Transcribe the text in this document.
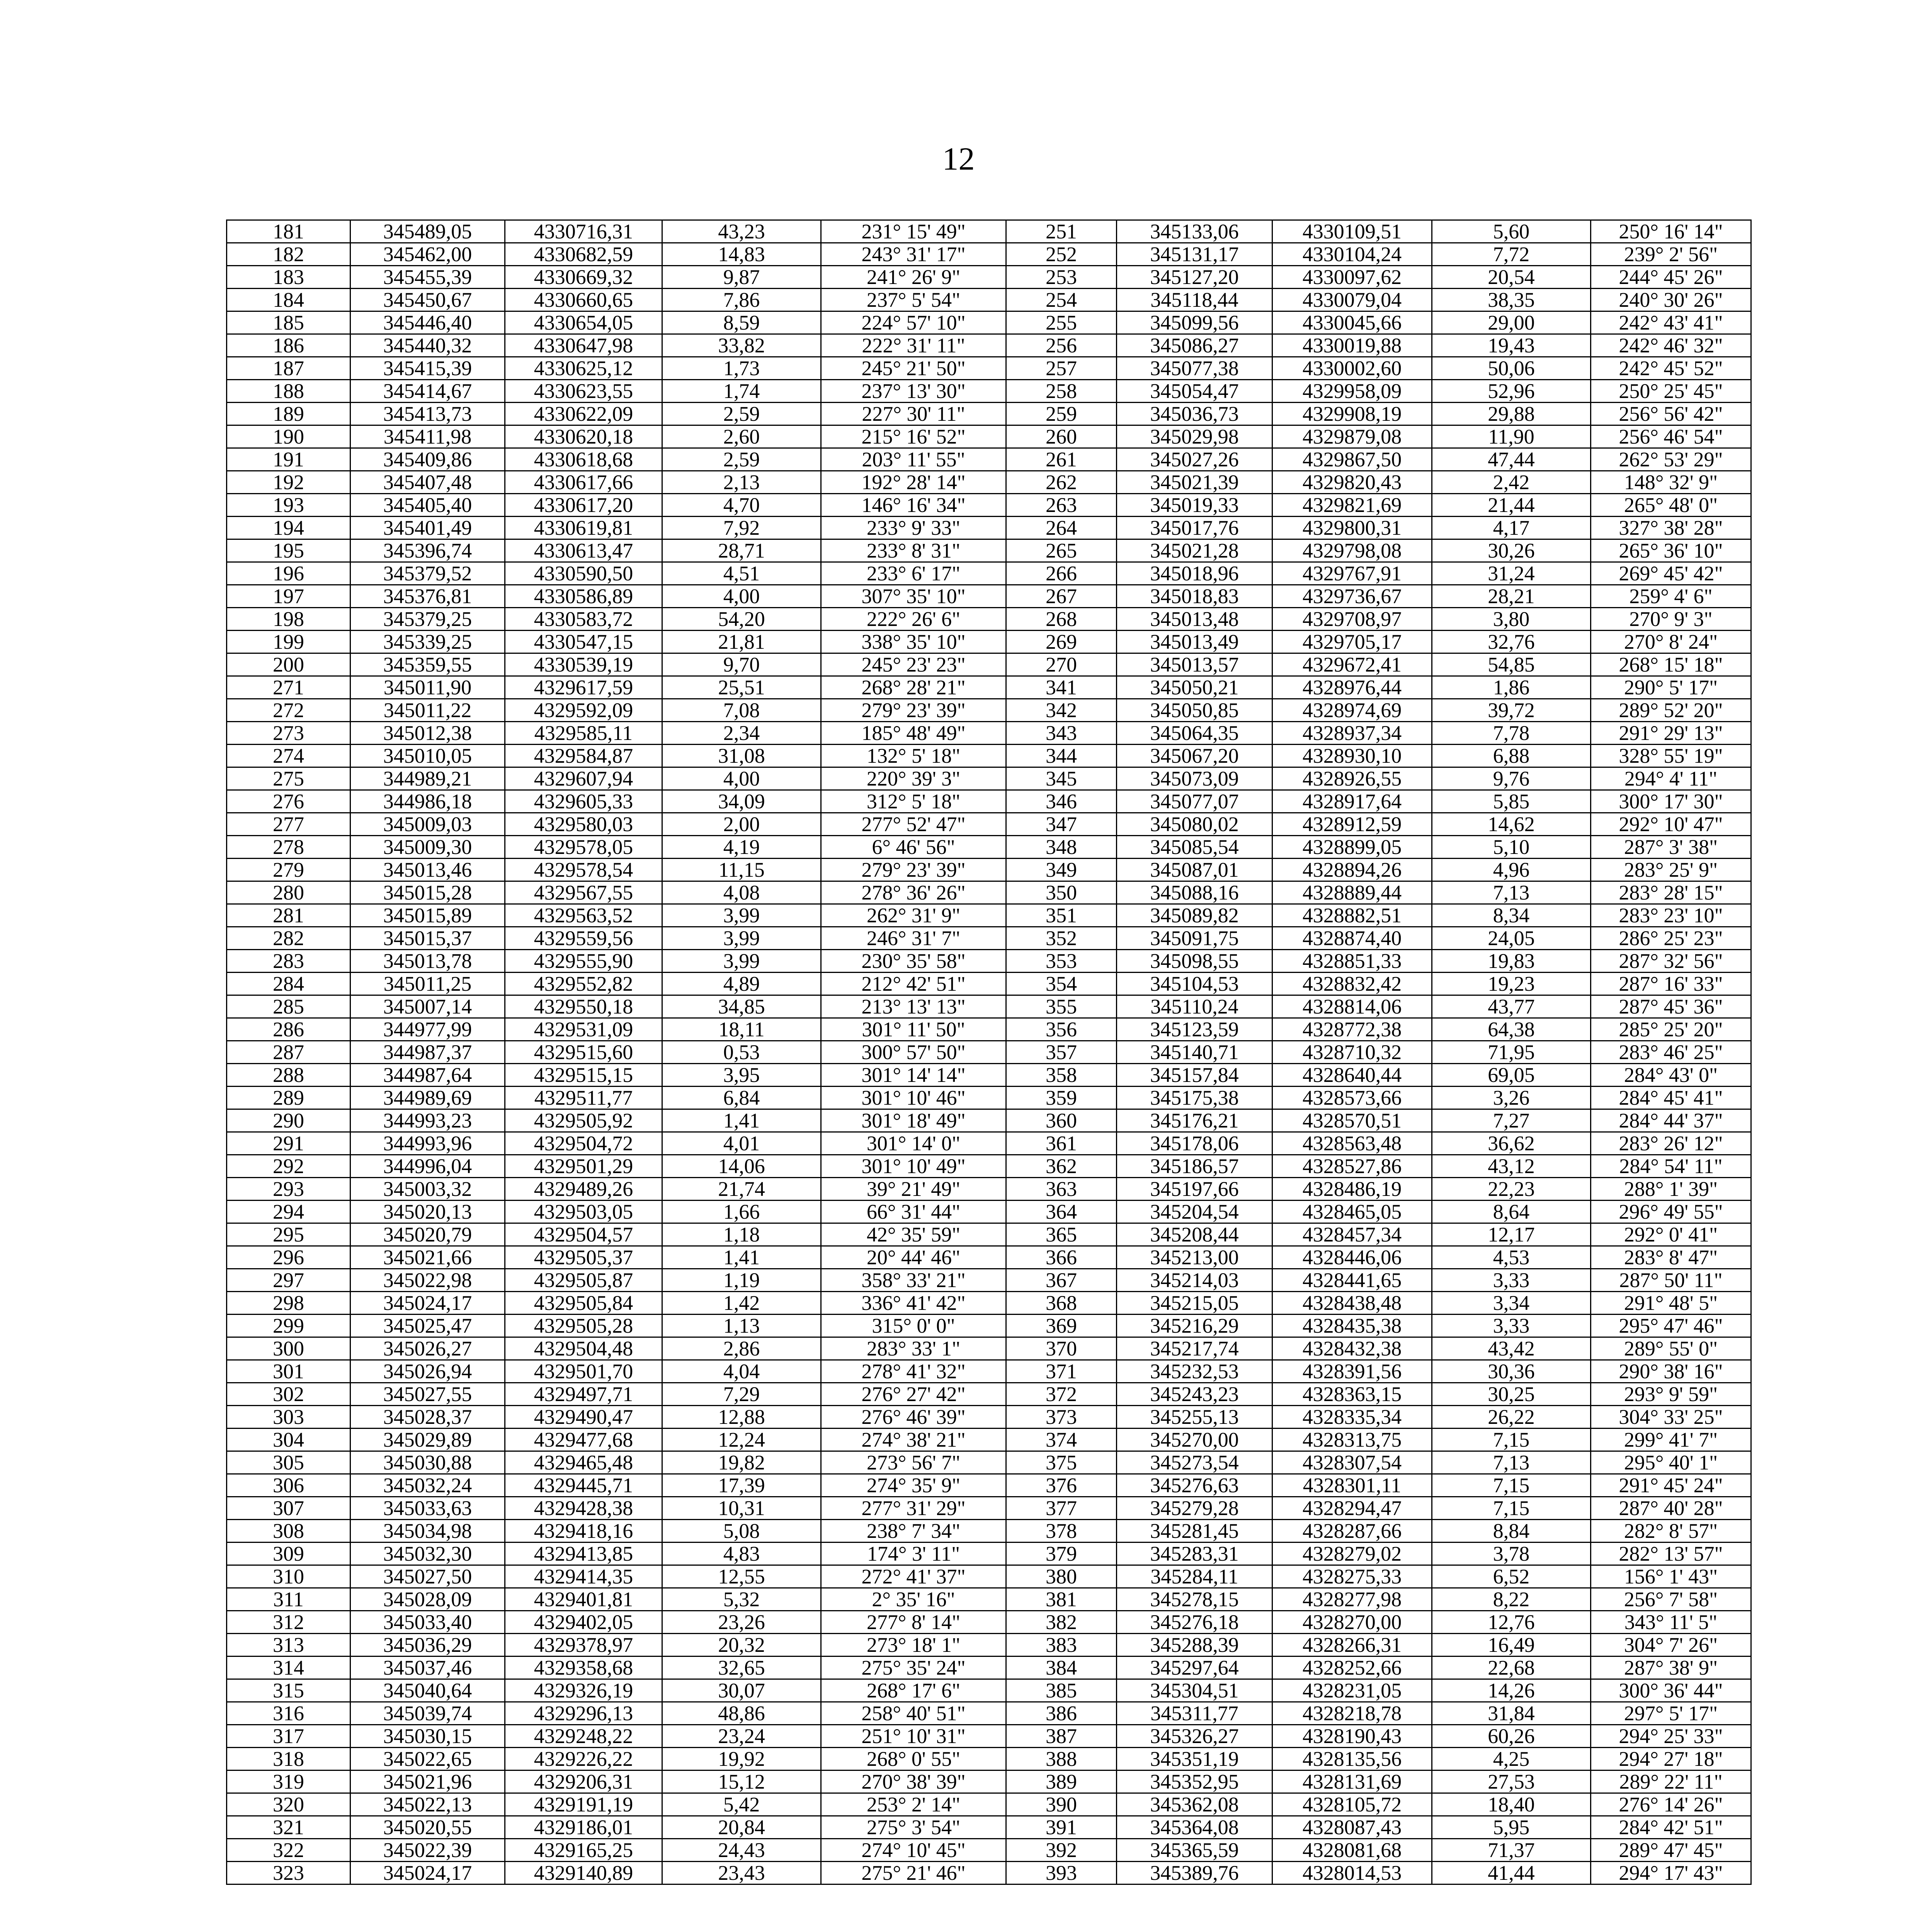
12
181	345489,05	4330716,31	43,23	231° 15' 49"	251	345133,06	4330109,51	5,60	250° 16' 14"
182	345462,00	4330682,59	14,83	243° 31' 17"	252	345131,17	4330104,24	7,72	239° 2' 56"
183	345455,39	4330669,32	9,87	241° 26' 9"	253	345127,20	4330097,62	20,54	244° 45' 26"
184	345450,67	4330660,65	7,86	237° 5' 54"	254	345118,44	4330079,04	38,35	240° 30' 26"
185	345446,40	4330654,05	8,59	224° 57' 10"	255	345099,56	4330045,66	29,00	242° 43' 41"
186	345440,32	4330647,98	33,82	222° 31' 11"	256	345086,27	4330019,88	19,43	242° 46' 32"
187	345415,39	4330625,12	1,73	245° 21' 50"	257	345077,38	4330002,60	50,06	242° 45' 52"
188	345414,67	4330623,55	1,74	237° 13' 30"	258	345054,47	4329958,09	52,96	250° 25' 45"
189	345413,73	4330622,09	2,59	227° 30' 11"	259	345036,73	4329908,19	29,88	256° 56' 42"
190	345411,98	4330620,18	2,60	215° 16' 52"	260	345029,98	4329879,08	11,90	256° 46' 54"
191	345409,86	4330618,68	2,59	203° 11' 55"	261	345027,26	4329867,50	47,44	262° 53' 29"
192	345407,48	4330617,66	2,13	192° 28' 14"	262	345021,39	4329820,43	2,42	148° 32' 9"
193	345405,40	4330617,20	4,70	146° 16' 34"	263	345019,33	4329821,69	21,44	265° 48' 0"
194	345401,49	4330619,81	7,92	233° 9' 33"	264	345017,76	4329800,31	4,17	327° 38' 28"
195	345396,74	4330613,47	28,71	233° 8' 31"	265	345021,28	4329798,08	30,26	265° 36' 10"
196	345379,52	4330590,50	4,51	233° 6' 17"	266	345018,96	4329767,91	31,24	269° 45' 42"
197	345376,81	4330586,89	4,00	307° 35' 10"	267	345018,83	4329736,67	28,21	259° 4' 6"
198	345379,25	4330583,72	54,20	222° 26' 6"	268	345013,48	4329708,97	3,80	270° 9' 3"
199	345339,25	4330547,15	21,81	338° 35' 10"	269	345013,49	4329705,17	32,76	270° 8' 24"
200	345359,55	4330539,19	9,70	245° 23' 23"	270	345013,57	4329672,41	54,85	268° 15' 18"
271	345011,90	4329617,59	25,51	268° 28' 21"	341	345050,21	4328976,44	1,86	290° 5' 17"
272	345011,22	4329592,09	7,08	279° 23' 39"	342	345050,85	4328974,69	39,72	289° 52' 20"
273	345012,38	4329585,11	2,34	185° 48' 49"	343	345064,35	4328937,34	7,78	291° 29' 13"
274	345010,05	4329584,87	31,08	132° 5' 18"	344	345067,20	4328930,10	6,88	328° 55' 19"
275	344989,21	4329607,94	4,00	220° 39' 3"	345	345073,09	4328926,55	9,76	294° 4' 11"
276	344986,18	4329605,33	34,09	312° 5' 18"	346	345077,07	4328917,64	5,85	300° 17' 30"
277	345009,03	4329580,03	2,00	277° 52' 47"	347	345080,02	4328912,59	14,62	292° 10' 47"
278	345009,30	4329578,05	4,19	6° 46' 56"	348	345085,54	4328899,05	5,10	287° 3' 38"
279	345013,46	4329578,54	11,15	279° 23' 39"	349	345087,01	4328894,26	4,96	283° 25' 9"
280	345015,28	4329567,55	4,08	278° 36' 26"	350	345088,16	4328889,44	7,13	283° 28' 15"
281	345015,89	4329563,52	3,99	262° 31' 9"	351	345089,82	4328882,51	8,34	283° 23' 10"
282	345015,37	4329559,56	3,99	246° 31' 7"	352	345091,75	4328874,40	24,05	286° 25' 23"
283	345013,78	4329555,90	3,99	230° 35' 58"	353	345098,55	4328851,33	19,83	287° 32' 56"
284	345011,25	4329552,82	4,89	212° 42' 51"	354	345104,53	4328832,42	19,23	287° 16' 33"
285	345007,14	4329550,18	34,85	213° 13' 13"	355	345110,24	4328814,06	43,77	287° 45' 36"
286	344977,99	4329531,09	18,11	301° 11' 50"	356	345123,59	4328772,38	64,38	285° 25' 20"
287	344987,37	4329515,60	0,53	300° 57' 50"	357	345140,71	4328710,32	71,95	283° 46' 25"
288	344987,64	4329515,15	3,95	301° 14' 14"	358	345157,84	4328640,44	69,05	284° 43' 0"
289	344989,69	4329511,77	6,84	301° 10' 46"	359	345175,38	4328573,66	3,26	284° 45' 41"
290	344993,23	4329505,92	1,41	301° 18' 49"	360	345176,21	4328570,51	7,27	284° 44' 37"
291	344993,96	4329504,72	4,01	301° 14' 0"	361	345178,06	4328563,48	36,62	283° 26' 12"
292	344996,04	4329501,29	14,06	301° 10' 49"	362	345186,57	4328527,86	43,12	284° 54' 11"
293	345003,32	4329489,26	21,74	39° 21' 49"	363	345197,66	4328486,19	22,23	288° 1' 39"
294	345020,13	4329503,05	1,66	66° 31' 44"	364	345204,54	4328465,05	8,64	296° 49' 55"
295	345020,79	4329504,57	1,18	42° 35' 59"	365	345208,44	4328457,34	12,17	292° 0' 41"
296	345021,66	4329505,37	1,41	20° 44' 46"	366	345213,00	4328446,06	4,53	283° 8' 47"
297	345022,98	4329505,87	1,19	358° 33' 21"	367	345214,03	4328441,65	3,33	287° 50' 11"
298	345024,17	4329505,84	1,42	336° 41' 42"	368	345215,05	4328438,48	3,34	291° 48' 5"
299	345025,47	4329505,28	1,13	315° 0' 0"	369	345216,29	4328435,38	3,33	295° 47' 46"
300	345026,27	4329504,48	2,86	283° 33' 1"	370	345217,74	4328432,38	43,42	289° 55' 0"
301	345026,94	4329501,70	4,04	278° 41' 32"	371	345232,53	4328391,56	30,36	290° 38' 16"
302	345027,55	4329497,71	7,29	276° 27' 42"	372	345243,23	4328363,15	30,25	293° 9' 59"
303	345028,37	4329490,47	12,88	276° 46' 39"	373	345255,13	4328335,34	26,22	304° 33' 25"
304	345029,89	4329477,68	12,24	274° 38' 21"	374	345270,00	4328313,75	7,15	299° 41' 7"
305	345030,88	4329465,48	19,82	273° 56' 7"	375	345273,54	4328307,54	7,13	295° 40' 1"
306	345032,24	4329445,71	17,39	274° 35' 9"	376	345276,63	4328301,11	7,15	291° 45' 24"
307	345033,63	4329428,38	10,31	277° 31' 29"	377	345279,28	4328294,47	7,15	287° 40' 28"
308	345034,98	4329418,16	5,08	238° 7' 34"	378	345281,45	4328287,66	8,84	282° 8' 57"
309	345032,30	4329413,85	4,83	174° 3' 11"	379	345283,31	4328279,02	3,78	282° 13' 57"
310	345027,50	4329414,35	12,55	272° 41' 37"	380	345284,11	4328275,33	6,52	156° 1' 43"
311	345028,09	4329401,81	5,32	2° 35' 16"	381	345278,15	4328277,98	8,22	256° 7' 58"
312	345033,40	4329402,05	23,26	277° 8' 14"	382	345276,18	4328270,00	12,76	343° 11' 5"
313	345036,29	4329378,97	20,32	273° 18' 1"	383	345288,39	4328266,31	16,49	304° 7' 26"
314	345037,46	4329358,68	32,65	275° 35' 24"	384	345297,64	4328252,66	22,68	287° 38' 9"
315	345040,64	4329326,19	30,07	268° 17' 6"	385	345304,51	4328231,05	14,26	300° 36' 44"
316	345039,74	4329296,13	48,86	258° 40' 51"	386	345311,77	4328218,78	31,84	297° 5' 17"
317	345030,15	4329248,22	23,24	251° 10' 31"	387	345326,27	4328190,43	60,26	294° 25' 33"
318	345022,65	4329226,22	19,92	268° 0' 55"	388	345351,19	4328135,56	4,25	294° 27' 18"
319	345021,96	4329206,31	15,12	270° 38' 39"	389	345352,95	4328131,69	27,53	289° 22' 11"
320	345022,13	4329191,19	5,42	253° 2' 14"	390	345362,08	4328105,72	18,40	276° 14' 26"
321	345020,55	4329186,01	20,84	275° 3' 54"	391	345364,08	4328087,43	5,95	284° 42' 51"
322	345022,39	4329165,25	24,43	274° 10' 45"	392	345365,59	4328081,68	71,37	289° 47' 45"
323	345024,17	4329140,89	23,43	275° 21' 46"	393	345389,76	4328014,53	41,44	294° 17' 43"
